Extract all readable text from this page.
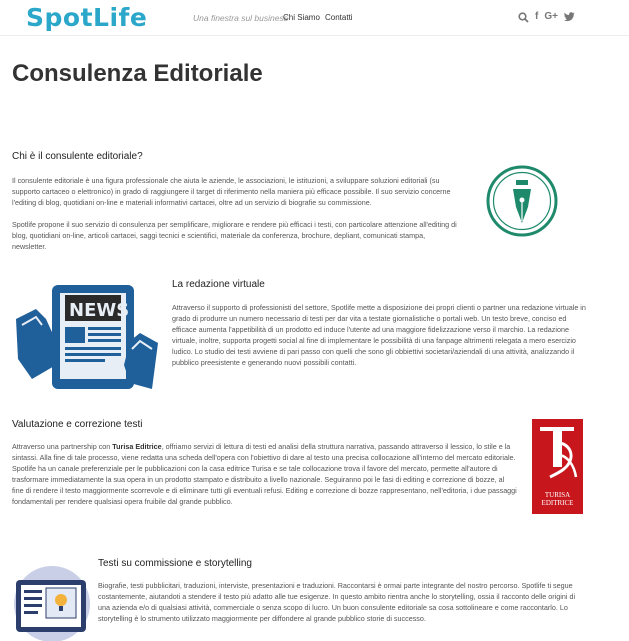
SpotLife	Una finestra sul business
Chi Siamo Contatti	f G+
Consulenza Editoriale
Chi è il consulente editoriale?

Il consulente editoriale è una figura professionale che aiuta le aziende, le associazioni, le istituzioni, a sviluppare soluzioni editoriali (su supporto cartaceo o elettronico) in grado di raggiungere il target di riferimento nella maniera più efficace possibile. Il suo servizio concerne l'editing di blog, quotidiani on-line e materiali informativi cartacei, oltre ad un servizio di biografie su commissione.

Spotlife propone il suo servizio di consulenza per semplificare, migliorare e rendere più efficaci i testi, con particolare attenzione all'editing di blog, quotidiani on-line, articoli cartacei, saggi tecnici e scientifici, materiale da conferenza, brochure, depliant, comunicati stampa, newsletter.

NEWS
La redazione virtuale

Attraverso il supporto di professionisti del settore, Spotlife mette a disposizione dei propri clienti o partner una redazione virtuale in grado di produrre un numero necessario di testi per dar vita a testate giornalistiche o portali web. Un testo breve, conciso ed efficace aumenta l'appetibilità di un prodotto ed induce l'utente ad una maggiore fidelizzazione verso il marchio. La redazione virtuale, inoltre, supporta progetti social al fine di implementare le possibilità di una fanpage altrimenti relegata a mero esercizio ludico. Lo studio dei testi avviene di pari passo con quelli che sono gli obbiettivi societari/aziendali di una attività, analizzando il pubblico preesistente e generando nuovi possibili contatti.

Valutazione e correzione testi

Attraverso una partnership con Turisa Editrice, offriamo servizi di lettura di testi ed analisi della struttura narrativa, passando attraverso il lessico, lo stile e la sintassi. Alla fine di tale processo, viene redatta una scheda dell'opera con l'obiettivo di dare al testo una precisa collocazione all'interno del mercato editoriale. Spotlife ha un canale preferenziale per le pubblicazioni con la casa editrice Turisa e se tale collocazione trova il favore del mercato, permette all'autore di trasformare immediatamente la sua opera in un prodotto stampato e distribuito a livello nazionale. Seguiranno poi le fasi di editing e correzione di bozze, al fine di rendere il testo maggiormente scorrevole e di eliminare tutti gli eventuali refusi. Editing e correzione di bozze rappresentano, nell'editoria, i due passaggi fondamentali per rendere qualsiasi opera fruibile dal grande pubblico.

TURISA
EDITRICE
Testi su commissione e storytelling

Biografie, testi pubblicitari, traduzioni, interviste, presentazioni e traduzioni. Raccontarsi è ormai parte integrante del nostro percorso. Spotlife ti segue costantemente, aiutandoti a stendere il testo più adatto alle tue esigenze. In questo ambito rientra anche lo storytelling, ossia il racconto delle origini di una azienda e/o di qualsiasi attività, commerciale o senza scopo di lucro. Un buon consulente editoriale sa cosa sottolineare e come raccontarlo. Lo storytelling è lo strumento utilizzato maggiormente per diffondere al grande pubblico storie di successo.
